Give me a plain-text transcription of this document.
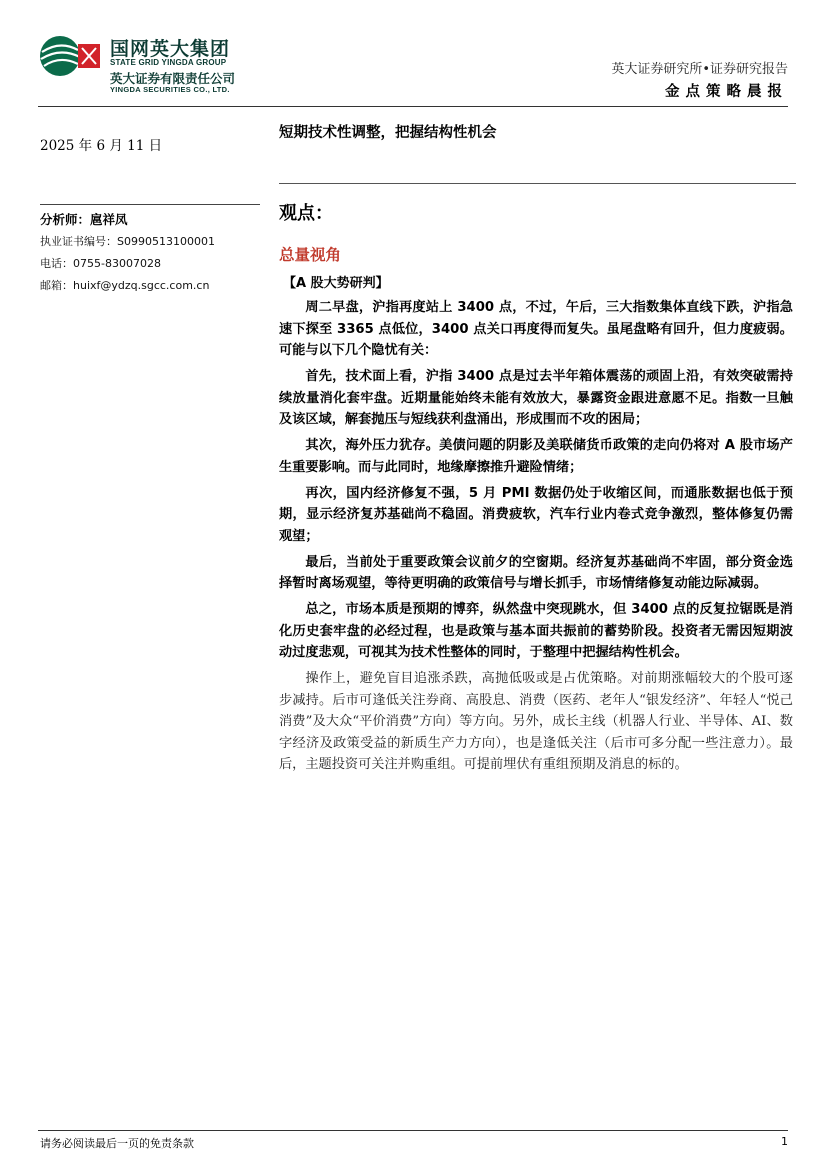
国网英大集团
STATE GRID YINGDA GROUP
英大证券有限责任公司
YINGDA SECURITIES CO., LTD.
英大证券研究所•证券研究报告
金点策略晨报
2025 年 6 月 11 日
分析师：扈祥凤
执业证书编号：S0990513100001
电话：0755-83007028
邮箱：huixf@ydzq.sgcc.com.cn
短期技术性调整，把握结构性机会
观点：
总量视角
【A 股大势研判】

周二早盘，沪指再度站上 3400 点，不过，午后，三大指数集体直线下跌，沪指急速下探至 3365 点低位，3400 点关口再度得而复失。虽尾盘略有回升，但力度疲弱。可能与以下几个隐忧有关：

首先，技术面上看，沪指 3400 点是过去半年箱体震荡的顽固上沿，有效突破需持续放量消化套牢盘。近期量能始终未能有效放大，暴露资金跟进意愿不足。指数一旦触及该区域，解套抛压与短线获利盘涌出，形成围而不攻的困局；

其次，海外压力犹存。美债问题的阴影及美联储货币政策的走向仍将对 A 股市场产生重要影响。而与此同时，地缘摩擦推升避险情绪；

再次，国内经济修复不强，5 月 PMI 数据仍处于收缩区间，而通胀数据也低于预期，显示经济复苏基础尚不稳固。消费疲软，汽车行业内卷式竞争激烈，整体修复仍需观望；

最后，当前处于重要政策会议前夕的空窗期。经济复苏基础尚不牢固，部分资金选择暂时离场观望，等待更明确的政策信号与增长抓手，市场情绪修复动能边际减弱。

总之，市场本质是预期的博弈，纵然盘中突现跳水，但 3400 点的反复拉锯既是消化历史套牢盘的必经过程，也是政策与基本面共振前的蓄势阶段。投资者无需因短期波动过度悲观，可视其为技术性整体的同时，于整理中把握结构性机会。

操作上，避免盲目追涨杀跌，高抛低吸或是占优策略。对前期涨幅较大的个股可逐步减持。后市可逢低关注券商、高股息、消费（医药、老年人“银发经济”、年轻人“悦己消费”及大众“平价消费”方向）等方向。另外，成长主线（机器人行业、半导体、AI、数字经济及政策受益的新质生产力方向），也是逢低关注（后市可多分配一些注意力）。最后，主题投资可关注并购重组。可提前埋伏有重组预期及消息的标的。

请务必阅读最后一页的免责条款	1
